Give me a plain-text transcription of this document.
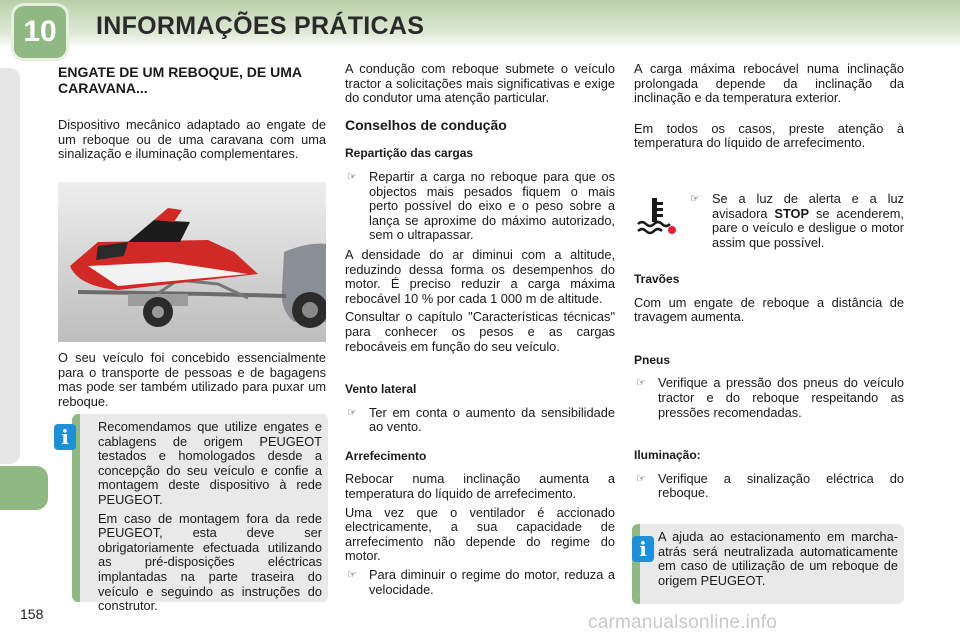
10 INFORMAÇÕES PRÁTICAS
ENGATE DE UM REBOQUE, DE UMA CARAVANA...

Dispositivo mecânico adaptado ao engate de um reboque ou de uma caravana com uma sinalização e iluminação complementares.

O seu veículo foi concebido essencialmente para o transporte de pessoas e de bagagens mas pode ser também utilizado para puxar um reboque.

Recomendamos que utilize engates e cablagens de origem PEUGEOT testados e homologados desde a concepção do seu veículo e confie a montagem deste dispositivo à rede PEUGEOT.

Em caso de montagem fora da rede PEUGEOT, esta deve ser obrigatoriamente efectuada utilizando as pré-disposições eléctricas implantadas na parte traseira do veículo e seguindo as instruções do construtor.

i

A condução com reboque submete o veículo tractor a solicitações mais significativas e exige do condutor uma atenção particular.

Conselhos de condução
Repartição das cargas
☞ Repartir a carga no reboque para que os objectos mais pesados fiquem o mais perto possível do eixo e o peso sobre a lança se aproxime do máximo autorizado, sem o ultrapassar.

A densidade do ar diminui com a altitude, reduzindo dessa forma os desempenhos do motor. É preciso reduzir a carga máxima rebocável 10 % por cada 1 000 m de altitude.

Consultar o capítulo "Características técnicas" para conhecer os pesos e as cargas rebocáveis em função do seu veículo.

Vento lateral
☞ Ter em conta o aumento da sensibilidade ao vento.
Arrefecimento

Rebocar numa inclinação aumenta a temperatura do líquido de arrefecimento.

Uma vez que o ventilador é accionado electricamente, a sua capacidade de arrefecimento não depende do regime do motor.

☞ Para diminuir o regime do motor, reduza a velocidade.

A carga máxima rebocável numa inclinação prolongada depende da inclinação da inclinação e da temperatura exterior.

Em todos os casos, preste atenção à temperatura do líquido de arrefecimento.

☞ Se a luz de alerta e a luz avisadora STOP se acenderem, pare o veículo e desligue o motor assim que possível.
Travões

Com um engate de reboque a distância de travagem aumenta.

Pneus
☞ Verifique a pressão dos pneus do veículo tractor e do reboque respeitando as pressões recomendadas.
Iluminação:
☞ Verifique a sinalização eléctrica do reboque.

A ajuda ao estacionamento em marcha-atrás será neutralizada automaticamente em caso de utilização de um reboque de origem PEUGEOT.

i
158	carmanualsonline.info
